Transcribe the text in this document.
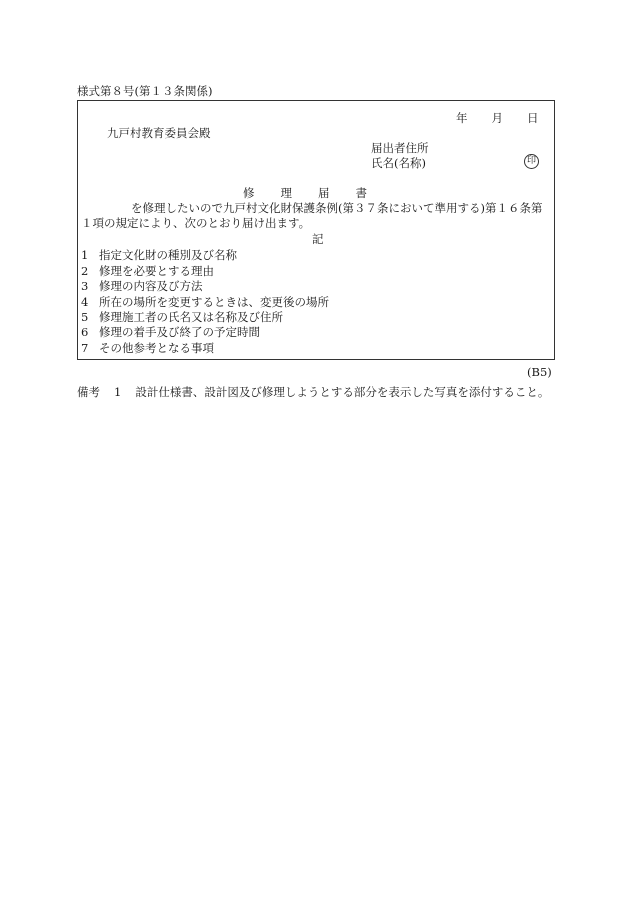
様式第８号(第１３条関係)
年 月 日
九戸村教育委員会殿
届出者住所
氏名(名称)	印
修 理 届 書
を修理したいので九戸村文化財保護条例(第３７条において準用する)第１６条第
１項の規定により、次のとおり届け出ます。
記
1 指定文化財の種別及び名称
2 修理を必要とする理由
3 修理の内容及び方法
4 所在の場所を変更するときは、変更後の場所
5 修理施工者の氏名又は名称及び住所
6 修理の着手及び終了の予定時間
7 その他参考となる事項
(B5)
備考 1 設計仕様書、設計図及び修理しようとする部分を表示した写真を添付すること。
